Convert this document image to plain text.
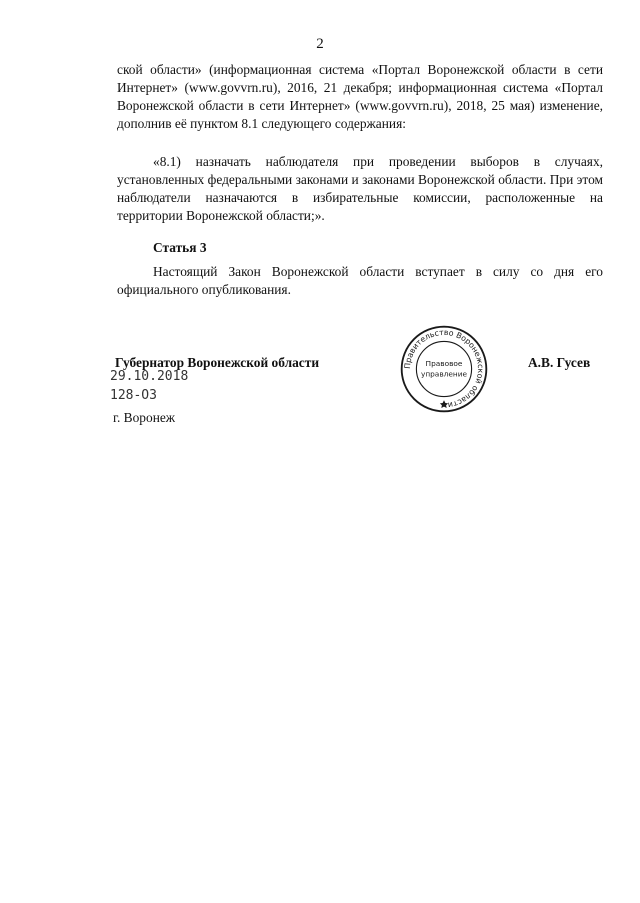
2

ской области» (информационная система «Портал Воронежской области в сети Интернет» (www.govvrn.ru), 2016, 21 декабря; информационная система «Портал Воронежской области в сети Интернет» (www.govvrn.ru), 2018, 25 мая) изменение, дополнив её пунктом 8.1 следующего содержания:

«8.1) назначать наблюдателя при проведении выборов в случаях, установленных федеральными законами и законами Воронежской области. При этом наблюдатели назначаются в избирательные комиссии, расположенные на территории Воронежской области;».

Статья 3

Настоящий Закон Воронежской области вступает в силу со дня его официального опубликования.

Губернатор Воронежской области	Правительство Воронежской области
Правовое
управление
А.В. Гусев
29.10.2018
128-ОЗ
г. Воронеж
